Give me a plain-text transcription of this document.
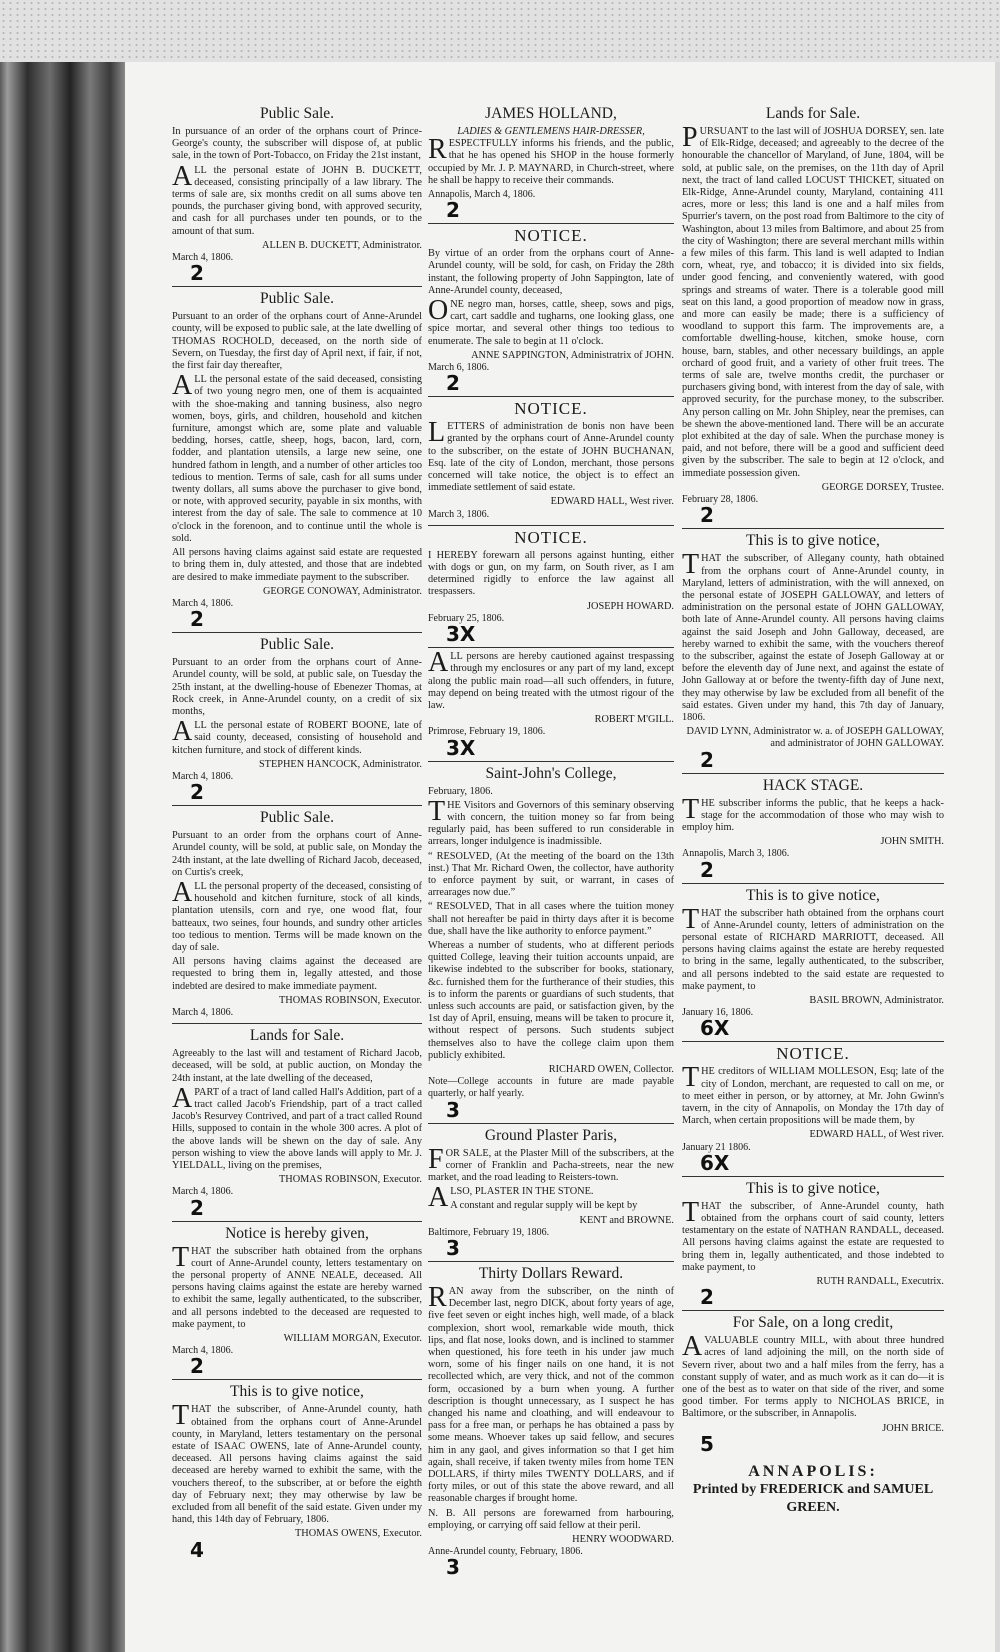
Public Sale.

In pursuance of an order of the orphans court of Prince-George's county, the subscriber will dispose of, at public sale, in the town of Port-Tobacco, on Friday the 21st instant,

ALL the personal estate of JOHN B. DUCKETT, deceased, consisting principally of a law library. The terms of sale are, six months credit on all sums above ten pounds, the purchaser giving bond, with approved security, and cash for all purchases under ten pounds, or to the amount of that sum.

ALLEN B. DUCKETT, Administrator.
March 4, 1806.
2
Public Sale.

Pursuant to an order of the orphans court of Anne-Arundel county, will be exposed to public sale, at the late dwelling of THOMAS ROCHOLD, deceased, on the north side of Severn, on Tuesday, the first day of April next, if fair, if not, the first fair day thereafter,

ALL the personal estate of the said deceased, consisting of two young negro men, one of them is acquainted with the shoe-making and tanning business, also negro women, boys, girls, and children, household and kitchen furniture, amongst which are, some plate and valuable bedding, horses, cattle, sheep, hogs, bacon, lard, corn, fodder, and plantation utensils, a large new seine, one hundred fathom in length, and a number of other articles too tedious to mention. Terms of sale, cash for all sums under twenty dollars, all sums above the purchaser to give bond, or note, with approved security, payable in six months, with interest from the day of sale. The sale to commence at 10 o'clock in the forenoon, and to continue until the whole is sold.

All persons having claims against said estate are requested to bring them in, duly attested, and those that are indebted are desired to make immediate payment to the subscriber.

GEORGE CONOWAY, Administrator.
March 4, 1806.
2
Public Sale.

Pursuant to an order from the orphans court of Anne-Arundel county, will be sold, at public sale, on Tuesday the 25th instant, at the dwelling-house of Ebenezer Thomas, at Rock creek, in Anne-Arundel county, on a credit of six months,

ALL the personal estate of ROBERT BOONE, late of said county, deceased, consisting of household and kitchen furniture, and stock of different kinds.

STEPHEN HANCOCK, Administrator.
March 4, 1806.
2
Public Sale.

Pursuant to an order from the orphans court of Anne-Arundel county, will be sold, at public sale, on Monday the 24th instant, at the late dwelling of Richard Jacob, deceased, on Curtis's creek,

ALL the personal property of the deceased, consisting of household and kitchen furniture, stock of all kinds, plantation utensils, corn and rye, one wood flat, four batteaux, two seines, four hounds, and sundry other articles too tedious to mention. Terms will be made known on the day of sale.

All persons having claims against the deceased are requested to bring them in, legally attested, and those indebted are desired to make immediate payment.

THOMAS ROBINSON, Executor.
March 4, 1806.
Lands for Sale.

Agreeably to the last will and testament of Richard Jacob, deceased, will be sold, at public auction, on Monday the 24th instant, at the late dwelling of the deceased,

APART of a tract of land called Hall's Addition, part of a tract called Jacob's Friendship, part of a tract called Jacob's Resurvey Contrived, and part of a tract called Round Hills, supposed to contain in the whole 300 acres. A plot of the above lands will be shewn on the day of sale. Any person wishing to view the above lands will apply to Mr. J. YIELDALL, living on the premises,

THOMAS ROBINSON, Executor.
March 4, 1806.
2
Notice is hereby given,

THAT the subscriber hath obtained from the orphans court of Anne-Arundel county, letters testamentary on the personal property of ANNE NEALE, deceased. All persons having claims against the estate are hereby warned to exhibit the same, legally authenticated, to the subscriber, and all persons indebted to the deceased are requested to make payment, to

WILLIAM MORGAN, Executor.
March 4, 1806.
2
This is to give notice,

THAT the subscriber, of Anne-Arundel county, hath obtained from the orphans court of Anne-Arundel county, in Maryland, letters testamentary on the personal estate of ISAAC OWENS, late of Anne-Arundel county, deceased. All persons having claims against the said deceased are hereby warned to exhibit the same, with the vouchers thereof, to the subscriber, at or before the eighth day of February next; they may otherwise by law be excluded from all benefit of the said estate. Given under my hand, this 14th day of February, 1806.

THOMAS OWENS, Executor.
4
JAMES HOLLAND,
LADIES & GENTLEMENS HAIR-DRESSER,

RESPECTFULLY informs his friends, and the public, that he has opened his SHOP in the house formerly occupied by Mr. J. P. MAYNARD, in Church-street, where he shall be happy to receive their commands.

Annapolis, March 4, 1806.
2
NOTICE.

By virtue of an order from the orphans court of Anne-Arundel county, will be sold, for cash, on Friday the 28th instant, the following property of John Sappington, late of Anne-Arundel county, deceased,

ONE negro man, horses, cattle, sheep, sows and pigs, cart, cart saddle and tugharns, one looking glass, one spice mortar, and several other things too tedious to enumerate. The sale to begin at 11 o'clock.

ANNE SAPPINGTON, Administratrix of JOHN.
March 6, 1806.
2
NOTICE.

LETTERS of administration de bonis non have been granted by the orphans court of Anne-Arundel county to the subscriber, on the estate of JOHN BUCHANAN, Esq. late of the city of London, merchant, those persons concerned will take notice, the object is to effect an immediate settlement of said estate.

EDWARD HALL, West river.
March 3, 1806.
NOTICE.

I HEREBY forewarn all persons against hunting, either with dogs or gun, on my farm, on South river, as I am determined rigidly to enforce the law against all trespassers.

JOSEPH HOWARD.
February 25, 1806.
3X

ALL persons are hereby cautioned against trespassing through my enclosures or any part of my land, except along the public main road—all such offenders, in future, may depend on being treated with the utmost rigour of the law.

ROBERT M'GILL.
Primrose, February 19, 1806.
3X
Saint-John's College,

February, 1806.

THE Visitors and Governors of this seminary observing with concern, the tuition money so far from being regularly paid, has been suffered to run considerable in arrears, longer indulgence is inadmissible.

“ RESOLVED, (At the meeting of the board on the 13th inst.) That Mr. Richard Owen, the collector, have authority to enforce payment by suit, or warrant, in cases of arrearages now due.”

“ RESOLVED, That in all cases where the tuition money shall not hereafter be paid in thirty days after it is become due, shall have the like authority to enforce payment.”

Whereas a number of students, who at different periods quitted College, leaving their tuition accounts unpaid, are likewise indebted to the subscriber for books, stationary, &c. furnished them for the furtherance of their studies, this is to inform the parents or guardians of such students, that unless such accounts are paid, or satisfaction given, by the 1st day of April, ensuing, means will be taken to procure it, without respect of persons. Such students subject themselves also to have the college claim upon them publicly exhibited.

RICHARD OWEN, Collector.
Note—College accounts in future are made payable quarterly, or half yearly.
3
Ground Plaster Paris,

FOR SALE, at the Plaster Mill of the subscribers, at the corner of Franklin and Pacha-streets, near the new market, and the road leading to Reisters-town.

ALSO, PLASTER IN THE STONE.

A constant and regular supply will be kept by

KENT and BROWNE.
Baltimore, February 19, 1806.
3
Thirty Dollars Reward.

RAN away from the subscriber, on the ninth of December last, negro DICK, about forty years of age, five feet seven or eight inches high, well made, of a black complexion, short wool, remarkable wide mouth, thick lips, and flat nose, looks down, and is inclined to stammer when questioned, his fore teeth in his under jaw much worn, some of his finger nails on one hand, it is not recollected which, are very thick, and not of the common form, occasioned by a burn when young. A further description is thought unnecessary, as I suspect he has changed his name and cloathing, and will endeavour to pass for a free man, or perhaps he has obtained a pass by some means. Whoever takes up said fellow, and secures him in any gaol, and gives information so that I get him again, shall receive, if taken twenty miles from home TEN DOLLARS, if thirty miles TWENTY DOLLARS, and if forty miles, or out of this state the above reward, and all reasonable charges if brought home.

N. B. All persons are forewarned from harbouring, employing, or carrying off said fellow at their peril.

HENRY WOODWARD.
Anne-Arundel county, February, 1806.
3
Lands for Sale.

PURSUANT to the last will of JOSHUA DORSEY, sen. late of Elk-Ridge, deceased; and agreeably to the decree of the honourable the chancellor of Maryland, of June, 1804, will be sold, at public sale, on the premises, on the 11th day of April next, the tract of land called LOCUST THICKET, situated on Elk-Ridge, Anne-Arundel county, Maryland, containing 411 acres, more or less; this land is one and a half miles from Spurrier's tavern, on the post road from Baltimore to the city of Washington, about 13 miles from Baltimore, and about 25 from the city of Washington; there are several merchant mills within a few miles of this farm. This land is well adapted to Indian corn, wheat, rye, and tobacco; it is divided into six fields, under good fencing, and conveniently watered, with good springs and streams of water. There is a tolerable good mill seat on this land, a good proportion of meadow now in grass, and more can easily be made; there is a sufficiency of woodland to support this farm. The improvements are, a comfortable dwelling-house, kitchen, smoke house, corn house, barn, stables, and other necessary buildings, an apple orchard of good fruit, and a variety of other fruit trees. The terms of sale are, twelve months credit, the purchaser or purchasers giving bond, with interest from the day of sale, with approved security, for the purchase money, to the subscriber. Any person calling on Mr. John Shipley, near the premises, can be shewn the above-mentioned land. There will be an accurate plot exhibited at the day of sale. When the purchase money is paid, and not before, there will be a good and sufficient deed given by the subscriber. The sale to begin at 12 o'clock, and immediate possession given.

GEORGE DORSEY, Trustee.
February 28, 1806.
2
This is to give notice,

THAT the subscriber, of Allegany county, hath obtained from the orphans court of Anne-Arundel county, in Maryland, letters of administration, with the will annexed, on the personal estate of JOSEPH GALLOWAY, and letters of administration on the personal estate of JOHN GALLOWAY, both late of Anne-Arundel county. All persons having claims against the said Joseph and John Galloway, deceased, are hereby warned to exhibit the same, with the vouchers thereof to the subscriber, against the estate of Joseph Galloway at or before the eleventh day of June next, and against the estate of John Galloway at or before the twenty-fifth day of June next, they may otherwise by law be excluded from all benefit of the said estates. Given under my hand, this 7th day of January, 1806.

DAVID LYNN, Administrator w. a. of JOSEPH GALLOWAY, and administrator of JOHN GALLOWAY.
2
HACK STAGE.

THE subscriber informs the public, that he keeps a hack-stage for the accommodation of those who may wish to employ him.

JOHN SMITH.
Annapolis, March 3, 1806.
2
This is to give notice,

THAT the subscriber hath obtained from the orphans court of Anne-Arundel county, letters of administration on the personal estate of RICHARD MARRIOTT, deceased. All persons having claims against the estate are hereby requested to bring in the same, legally authenticated, to the subscriber, and all persons indebted to the said estate are requested to make payment, to

BASIL BROWN, Administrator.
January 16, 1806.
6X
NOTICE.

THE creditors of WILLIAM MOLLESON, Esq; late of the city of London, merchant, are requested to call on me, or to meet either in person, or by attorney, at Mr. John Gwinn's tavern, in the city of Annapolis, on Monday the 17th day of March, when certain propositions will be made them, by

EDWARD HALL, of West river.
January 21 1806.
6X
This is to give notice,

THAT the subscriber, of Anne-Arundel county, hath obtained from the orphans court of said county, letters testamentary on the estate of NATHAN RANDALL, deceased. All persons having claims against the estate are requested to bring them in, legally authenticated, and those indebted to make payment, to

RUTH RANDALL, Executrix.
2
For Sale, on a long credit,

AVALUABLE country MILL, with about three hundred acres of land adjoining the mill, on the north side of Severn river, about two and a half miles from the ferry, has a constant supply of water, and as much work as it can do—it is one of the best as to water on that side of the river, and some good timber. For terms apply to NICHOLAS BRICE, in Baltimore, or the subscriber, in Annapolis.

JOHN BRICE.
5
ANNAPOLIS:
Printed by FREDERICK and SAMUEL
GREEN.
